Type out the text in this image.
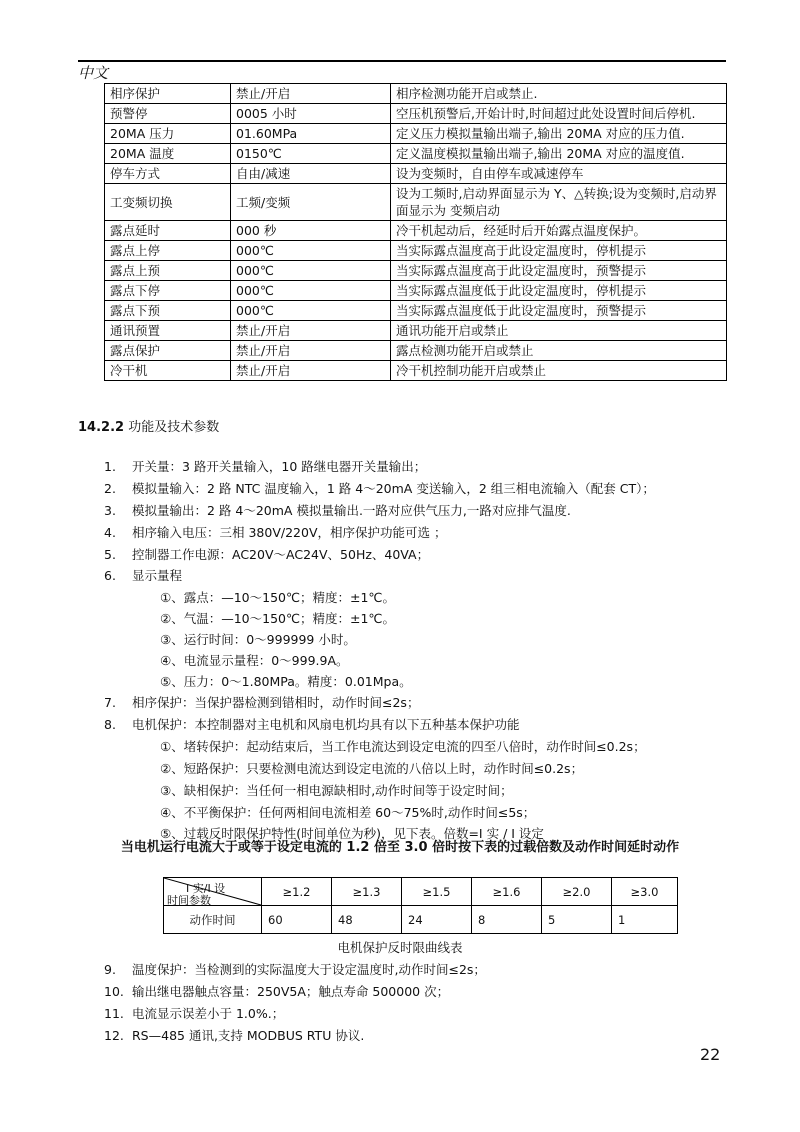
中文
相序保护	禁止/开启	相序检测功能开启或禁止.
预警停	0005 小时	空压机预警后,开始计时,时间超过此处设置时间后停机.
20MA 压力	01.60MPa	定义压力模拟量输出端子,输出 20MA 对应的压力值.
20MA 温度	0150℃	定义温度模拟量输出端子,输出 20MA 对应的温度值.
停车方式	自由/减速	设为变频时，自由停车或减速停车
工变频切换	工频/变频	设为工频时,启动界面显示为 Y、△转换;设为变频时,启动界面显示为 变频启动
露点延时	000 秒	冷干机起动后，经延时后开始露点温度保护。
露点上停	000℃	当实际露点温度高于此设定温度时，停机提示
露点上预	000℃	当实际露点温度高于此设定温度时，预警提示
露点下停	000℃	当实际露点温度低于此设定温度时，停机提示
露点下预	000℃	当实际露点温度低于此设定温度时，预警提示
通讯预置	禁止/开启	通讯功能开启或禁止
露点保护	禁止/开启	露点检测功能开启或禁止
冷干机	禁止/开启	冷干机控制功能开启或禁止
14.2.2 功能及技术参数
1. 开关量：3 路开关量输入，10 路继电器开关量输出；
2. 模拟量输入：2 路 NTC 温度输入，1 路 4～20mA 变送输入，2 组三相电流输入（配套 CT）；
3. 模拟量输出：2 路 4～20mA 模拟量输出.一路对应供气压力,一路对应排气温度.
4. 相序输入电压：三相 380V/220V，相序保护功能可选 ；
5. 控制器工作电源：AC20V～AC24V、50Hz、40VA；
6. 显示量程
①、露点：—10～150℃；精度：±1℃。
②、气温：—10～150℃；精度：±1℃。
③、运行时间：0～999999 小时。
④、电流显示量程：0～999.9A。
⑤、压力：0～1.80MPa。精度：0.01Mpa。
7. 相序保护：当保护器检测到错相时，动作时间≤2s；
8. 电机保护：本控制器对主电机和风扇电机均具有以下五种基本保护功能
①、堵转保护：起动结束后，当工作电流达到设定电流的四至八倍时，动作时间≤0.2s；
②、短路保护：只要检测电流达到设定电流的八倍以上时，动作时间≤0.2s；
③、缺相保护：当任何一相电源缺相时,动作时间等于设定时间；
④、不平衡保护：任何两相间电流相差 60～75%时,动作时间≤5s；
⑤、过载反时限保护特性(时间单位为秒)，见下表。倍数=I 实 / I 设定
当电机运行电流大于或等于设定电流的 1.2 倍至 3.0 倍时按下表的过载倍数及动作时间延时动作
I 实/I 设
时间参数	≥1.2	≥1.3	≥1.5	≥1.6	≥2.0	≥3.0
动作时间	60	48	24	8	5	1
电机保护反时限曲线表
9. 温度保护：当检测到的实际温度大于设定温度时,动作时间≤2s；
10. 输出继电器触点容量：250V5A；触点寿命 500000 次；
11. 电流显示误差小于 1.0%.；
12. RS—485 通讯,支持 MODBUS RTU 协议.
22
